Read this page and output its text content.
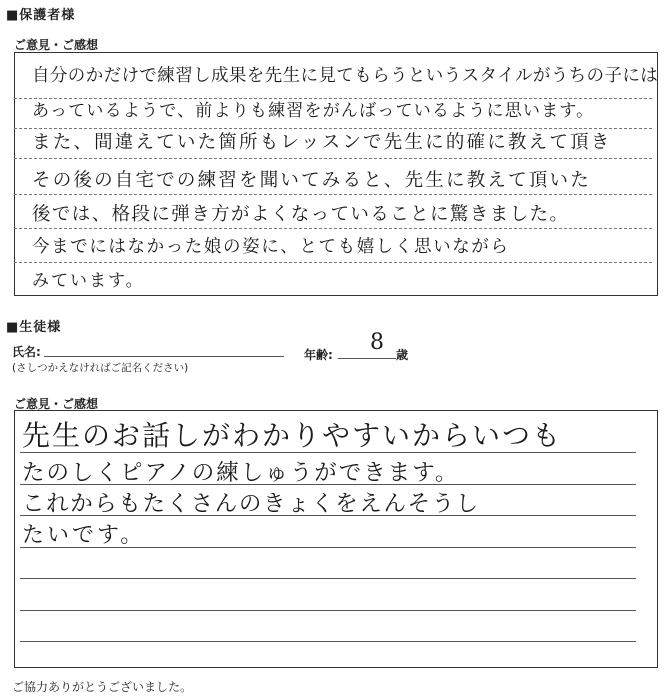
■保護者様
ご意見・ご感想
自分のかだけで練習し成果を先生に見てもらうというスタイルがうちの子には
あっているようで、前よりも練習をがんばっているように思います。
また、間違えていた箇所もレッスンで先生に的確に教えて頂き
その後の自宅での練習を聞いてみると、先生に教えて頂いた
後では、格段に弾き方がよくなっていることに驚きました。
今までにはなかった娘の姿に、とても嬉しく思いながら
みています。
■生徒様
氏名:
(さしつかえなければご記名ください)
年齢: 8 歳
ご意見・ご感想
先生のお話しがわかりやすいからいつも
たのしくピアノの練しゅうができます。
これからもたくさんのきょくをえんそうし
たいです。
ご協力ありがとうございました。
